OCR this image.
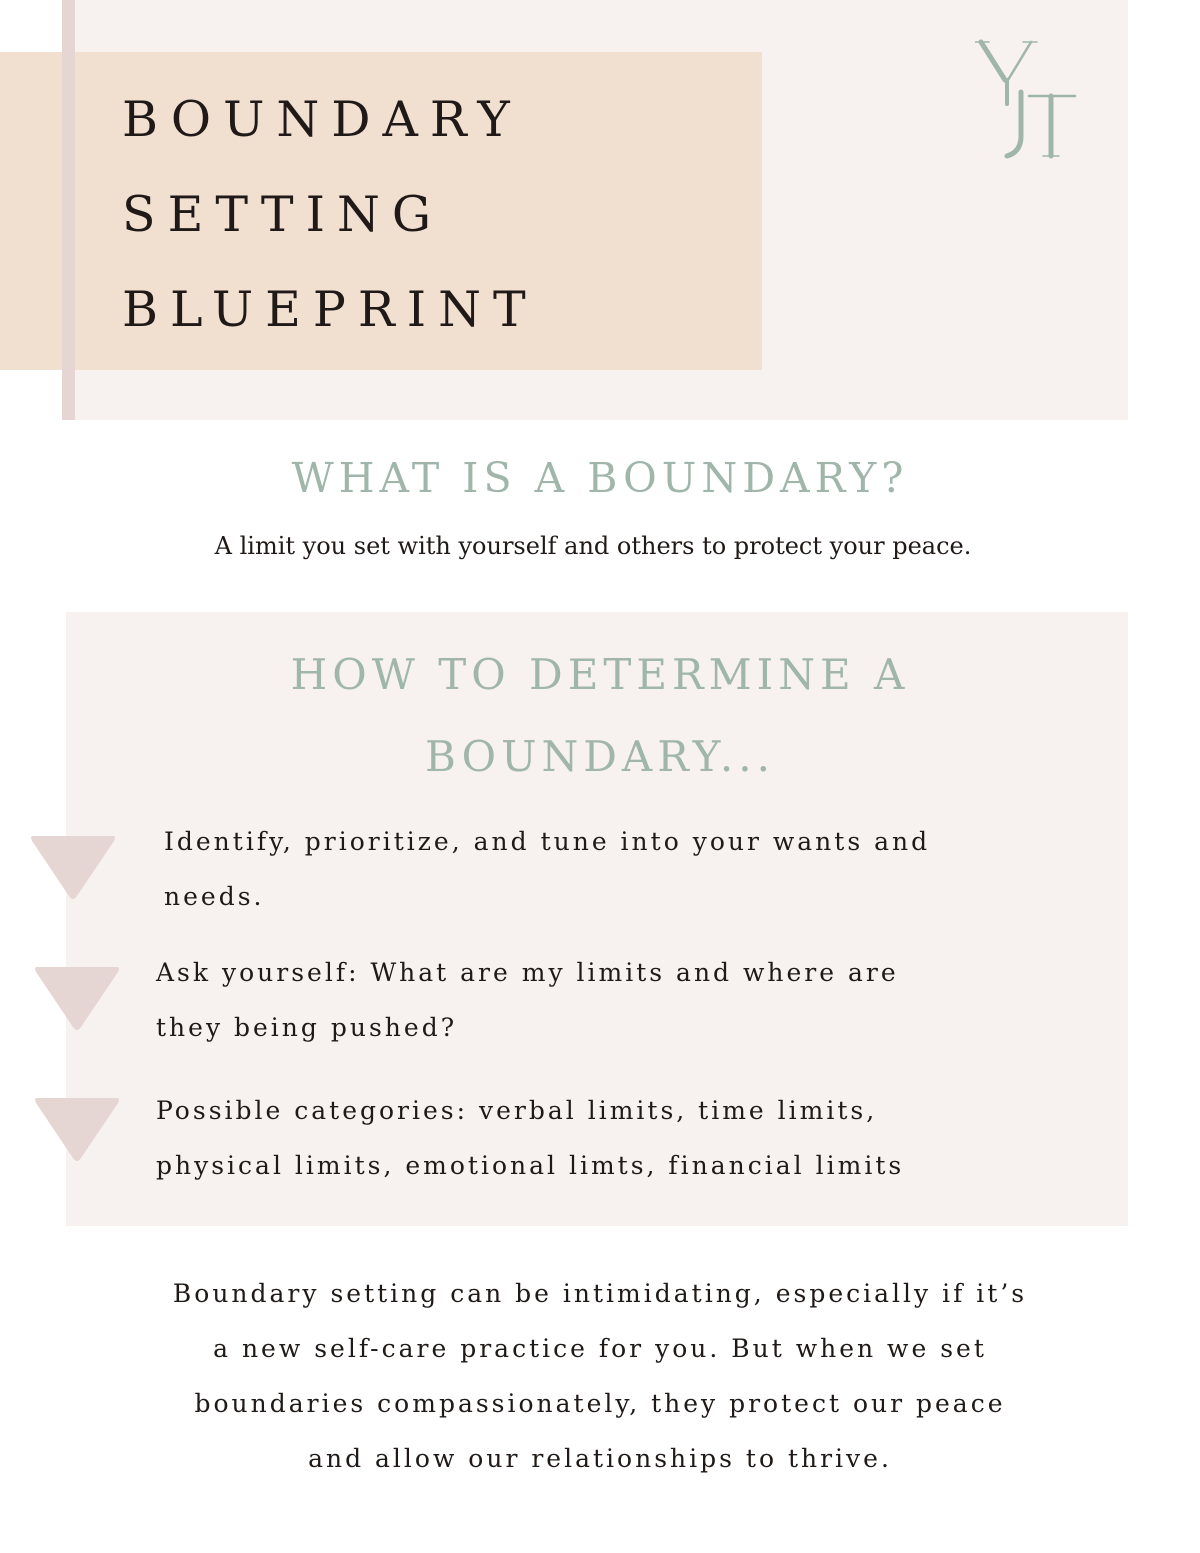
BOUNDARY
SETTING
BLUEPRINT
WHAT IS A BOUNDARY?

A limit you set with yourself and others to protect your peace.

HOW TO DETERMINE A
BOUNDARY...

Identify, prioritize, and tune into your wants and
needs.

Ask yourself: What are my limits and where are
they being pushed?

Possible categories: verbal limits, time limits,
physical limits, emotional limts, financial limits

Boundary setting can be intimidating, especially if it’s
a new self-care practice for you. But when we set
boundaries compassionately, they protect our peace
and allow our relationships to thrive.
